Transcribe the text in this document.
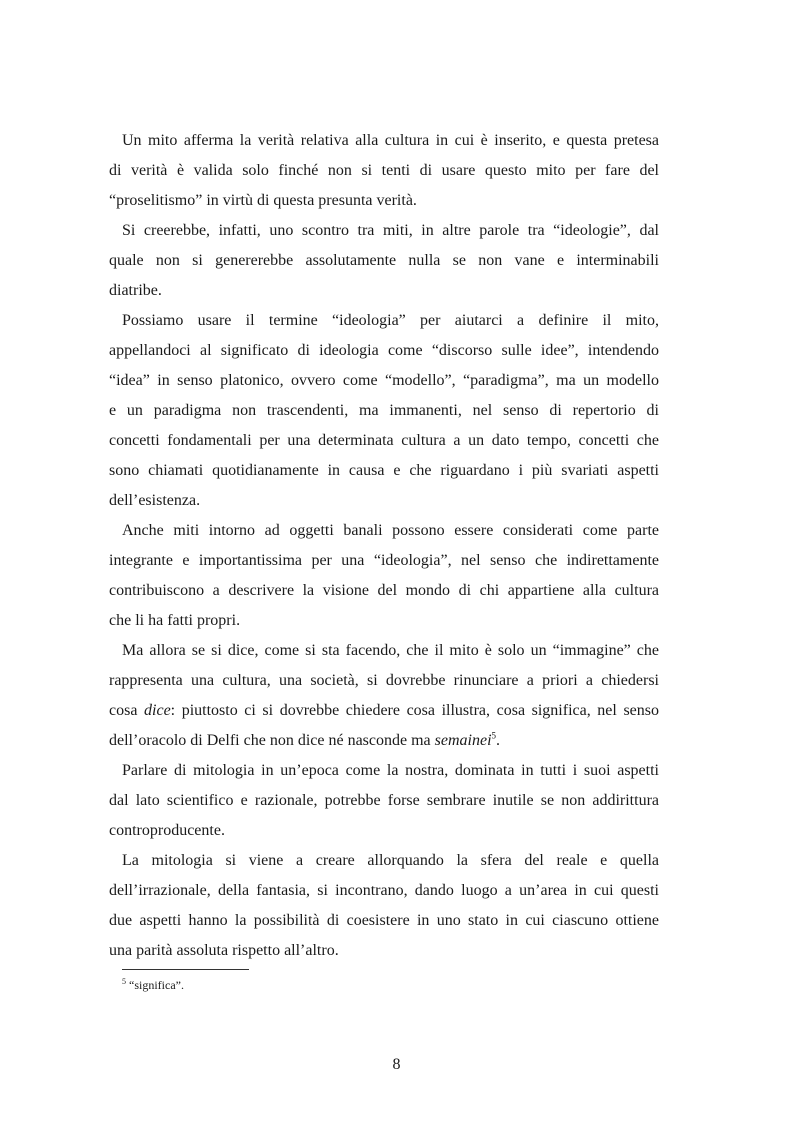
Un mito afferma la verità relativa alla cultura in cui è inserito, e questa pretesa
di verità è valida solo finché non si tenti di usare questo mito per fare del
“proselitismo” in virtù di questa presunta verità.

Si creerebbe, infatti, uno scontro tra miti, in altre parole tra “ideologie”, dal
quale non si genererebbe assolutamente nulla se non vane e interminabili
diatribe.

Possiamo usare il termine “ideologia” per aiutarci a definire il mito,
appellandoci al significato di ideologia come “discorso sulle idee”, intendendo
“idea” in senso platonico, ovvero come “modello”, “paradigma”, ma un modello
e un paradigma non trascendenti, ma immanenti, nel senso di repertorio di
concetti fondamentali per una determinata cultura a un dato tempo, concetti che
sono chiamati quotidianamente in causa e che riguardano i più svariati aspetti
dell’esistenza.

Anche miti intorno ad oggetti banali possono essere considerati come parte
integrante e importantissima per una “ideologia”, nel senso che indirettamente
contribuiscono a descrivere la visione del mondo di chi appartiene alla cultura
che li ha fatti propri.

Ma allora se si dice, come si sta facendo, che il mito è solo un “immagine” che
rappresenta una cultura, una società, si dovrebbe rinunciare a priori a chiedersi
cosa dice: piuttosto ci si dovrebbe chiedere cosa illustra, cosa significa, nel senso
dell’oracolo di Delfi che non dice né nasconde ma semainei$^5$.

Parlare di mitologia in un’epoca come la nostra, dominata in tutti i suoi aspetti
dal lato scientifico e razionale, potrebbe forse sembrare inutile se non addirittura
controproducente.

La mitologia si viene a creare allorquando la sfera del reale e quella
dell’irrazionale, della fantasia, si incontrano, dando luogo a un’area in cui questi
due aspetti hanno la possibilità di coesistere in uno stato in cui ciascuno ottiene
una parità assoluta rispetto all’altro.

$^5$ “significa”.
8
